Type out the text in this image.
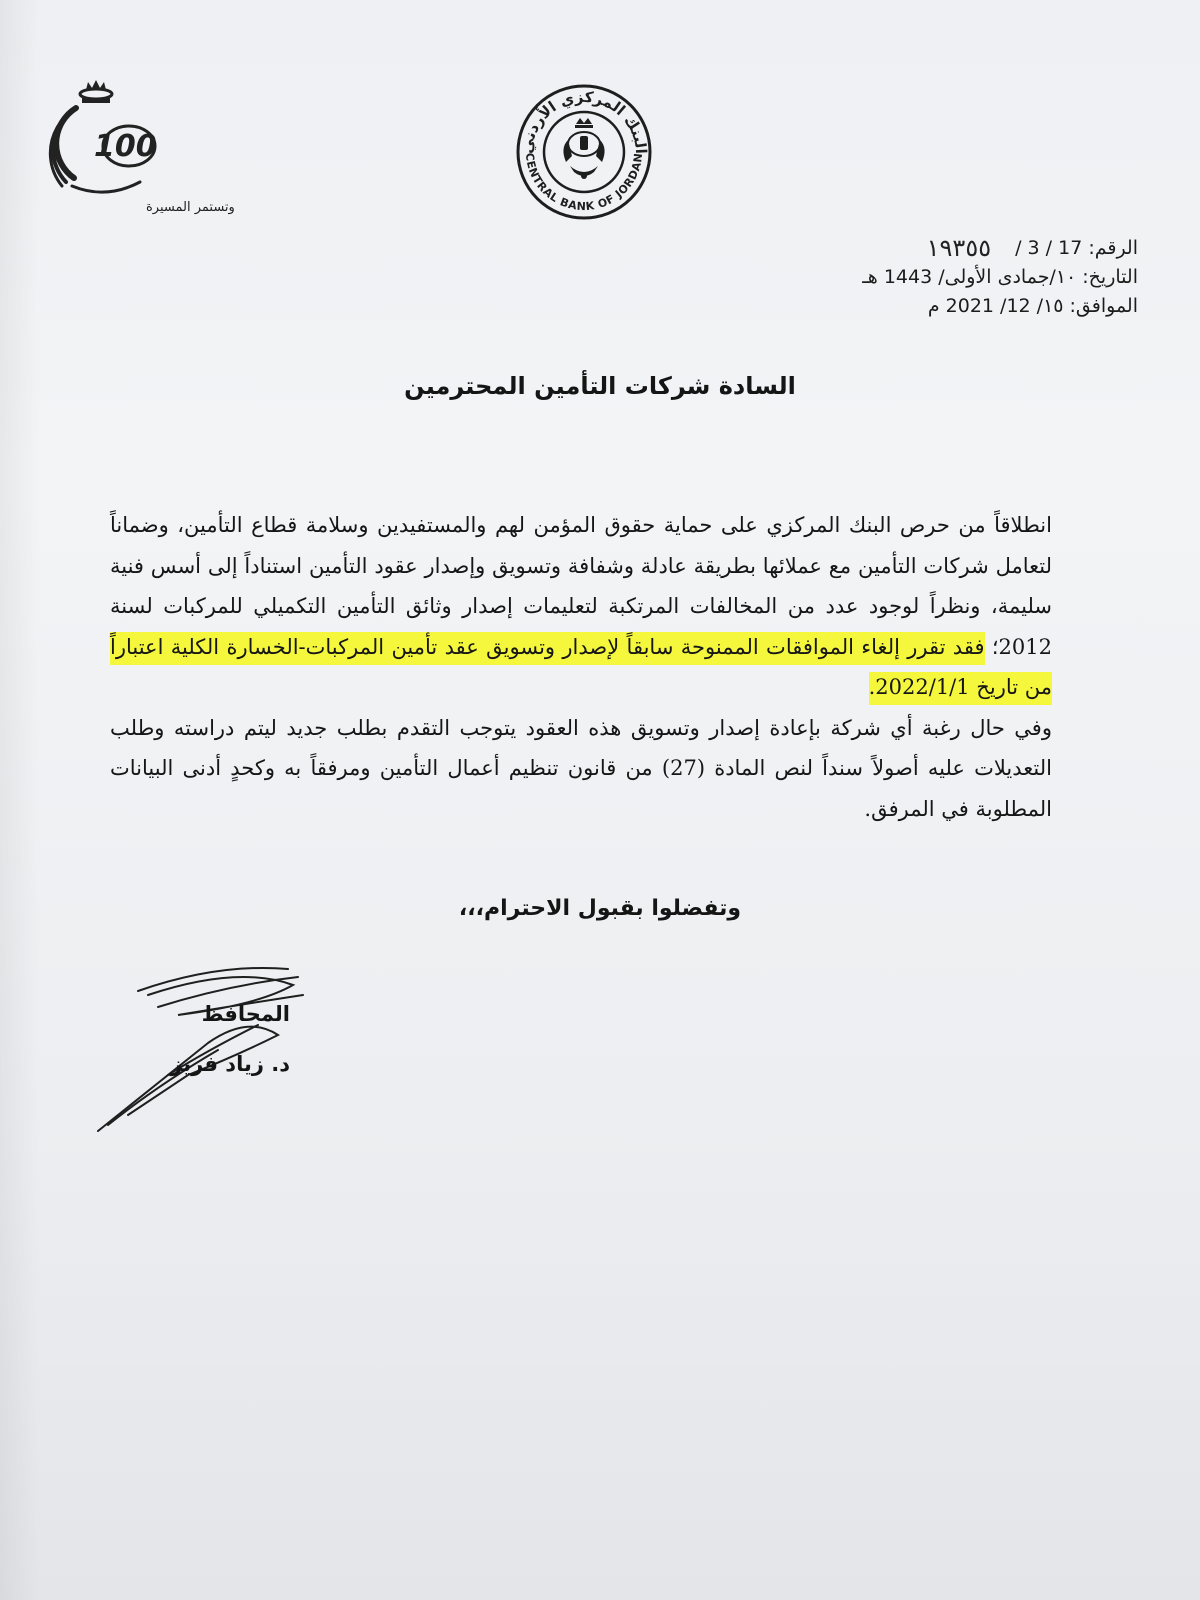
100
وتستمر المسيرة
البنك المركزي الأردني
CENTRAL BANK OF JORDAN
الرقم:
17 / 3 /
١٩٣٥٥
التاريخ:
١٠/جمادى الأولى/ 1443 هـ
الموافق:
١٥/ 12/ 2021 م
السادة شركات التأمين المحترمين

انطلاقاً من حرص البنك المركزي على حماية حقوق المؤمن لهم والمستفيدين وسلامة قطاع التأمين، وضماناً لتعامل شركات التأمين مع عملائها بطريقة عادلة وشفافة وتسويق وإصدار عقود التأمين استناداً إلى أسس فنية سليمة، ونظراً لوجود عدد من المخالفات المرتكبة لتعليمات إصدار وثائق التأمين التكميلي للمركبات لسنة 2012؛ فقد تقرر إلغاء الموافقات الممنوحة سابقاً لإصدار وتسويق عقد تأمين المركبات-الخسارة الكلية اعتباراً من تاريخ 2022/1/1.

وفي حال رغبة أي شركة بإعادة إصدار وتسويق هذه العقود يتوجب التقدم بطلب جديد ليتم دراسته وطلب التعديلات عليه أصولاً سنداً لنص المادة (27) من قانون تنظيم أعمال التأمين ومرفقاً به وكحدٍ أدنى البيانات المطلوبة في المرفق.

وتفضلوا بقبول الاحترام،،،
المحافظ
د. زياد فريز
